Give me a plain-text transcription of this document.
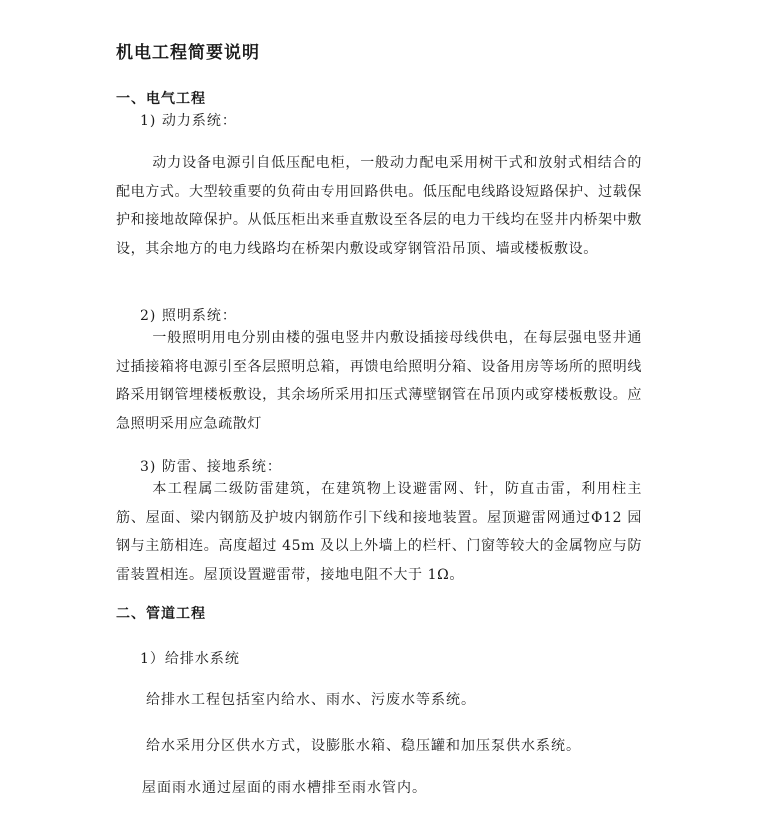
机电工程简要说明
一、电气工程
1) 动力系统：

动力设备电源引自低压配电柜，一般动力配电采用树干式和放射式相结合的配电方式。大型较重要的负荷由专用回路供电。低压配电线路设短路保护、过载保护和接地故障保护。从低压柜出来垂直敷设至各层的电力干线均在竖井内桥架中敷设，其余地方的电力线路均在桥架内敷设或穿钢管沿吊顶、墙或楼板敷设。

2) 照明系统：

一般照明用电分别由楼的强电竖井内敷设插接母线供电，在每层强电竖井通过插接箱将电源引至各层照明总箱，再馈电给照明分箱、设备用房等场所的照明线路采用钢管埋楼板敷设，其余场所采用扣压式薄壁钢管在吊顶内或穿楼板敷设。应急照明采用应急疏散灯

3) 防雷、接地系统：

本工程属二级防雷建筑，在建筑物上设避雷网、针，防直击雷，利用柱主筋、屋面、梁内钢筋及护坡内钢筋作引下线和接地装置。屋顶避雷网通过Φ12 园钢与主筋相连。高度超过 45m 及以上外墙上的栏杆、门窗等较大的金属物应与防雷装置相连。屋顶设置避雷带，接地电阻不大于 1Ω。

二、管道工程
1）给排水系统
给排水工程包括室内给水、雨水、污废水等系统。
给水采用分区供水方式，设膨胀水箱、稳压罐和加压泵供水系统。
屋面雨水通过屋面的雨水槽排至雨水管内。
